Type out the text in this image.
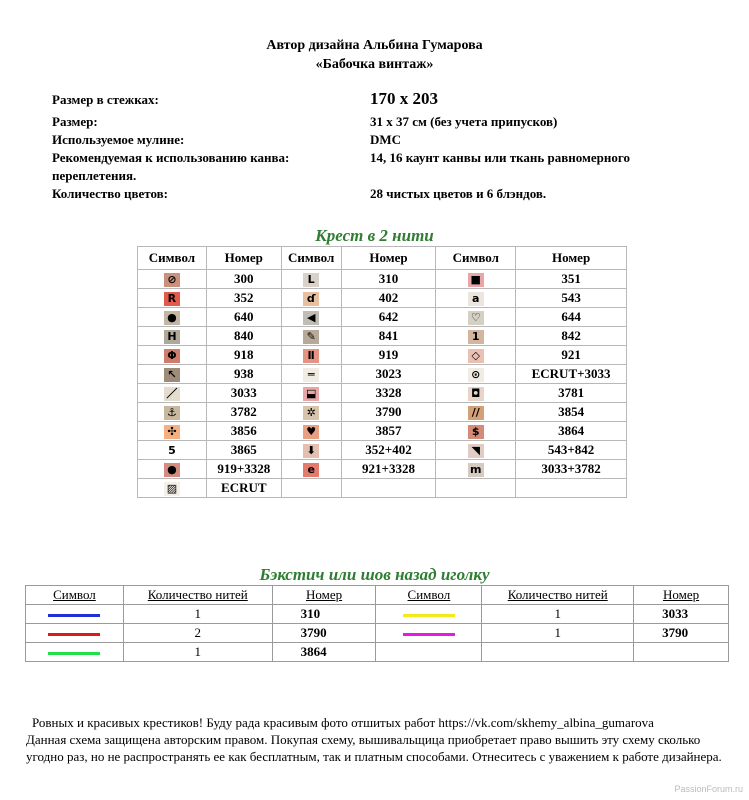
Автор дизайна Альбина Гумарова
«Бабочка винтаж»
Размер в стежках:	170 х 203
Размер:	31 х 37 см (без учета припусков)
Используемое мулине:	DMC
Рекомендуемая к использованию канва:	14, 16 каунт канвы или ткань равномерного
переплетения.
Количество цветов:	28 чистых цветов и 6 блэндов.
Крест в 2 нити
Символ	Номер	Символ	Номер	Символ	Номер
⊘	300	L	310	■	351
R	352	ɗ	402	a	543
●	640	◀	642	♡	644
H	840	✎	841	1	842
Φ	918	Ⅱ	919	◇	921
↖	938	═	3023	⊙	ECRUT+3033
／	3033	⬓	3328	◘	3781
⚓	3782	✲	3790	//	3854
✣	3856	♥	3857	$	3864
5	3865	⬇	352+402	◥	543+842
●	919+3328	e	921+3328	m	3033+3782
▨	ECRUT				
Бэкстич или шов назад иголку
Символ	Количество нитей	Номер	Символ	Количество нитей	Номер
	1	310		1	3033
	2	3790		1	3790
	1	3864			
Ровных и красивых крестиков! Буду рада красивым фото отшитых работ https://vk.com/skhemy_albina_gumarova
Данная схема защищена авторским правом. Покупая схему, вышивальщица приобретает право вышить эту схему сколько угодно раз, но не распространять ее как бесплатным, так и платным способами. Отнеситесь с уважением к работе дизайнера.
PassionForum.ru
